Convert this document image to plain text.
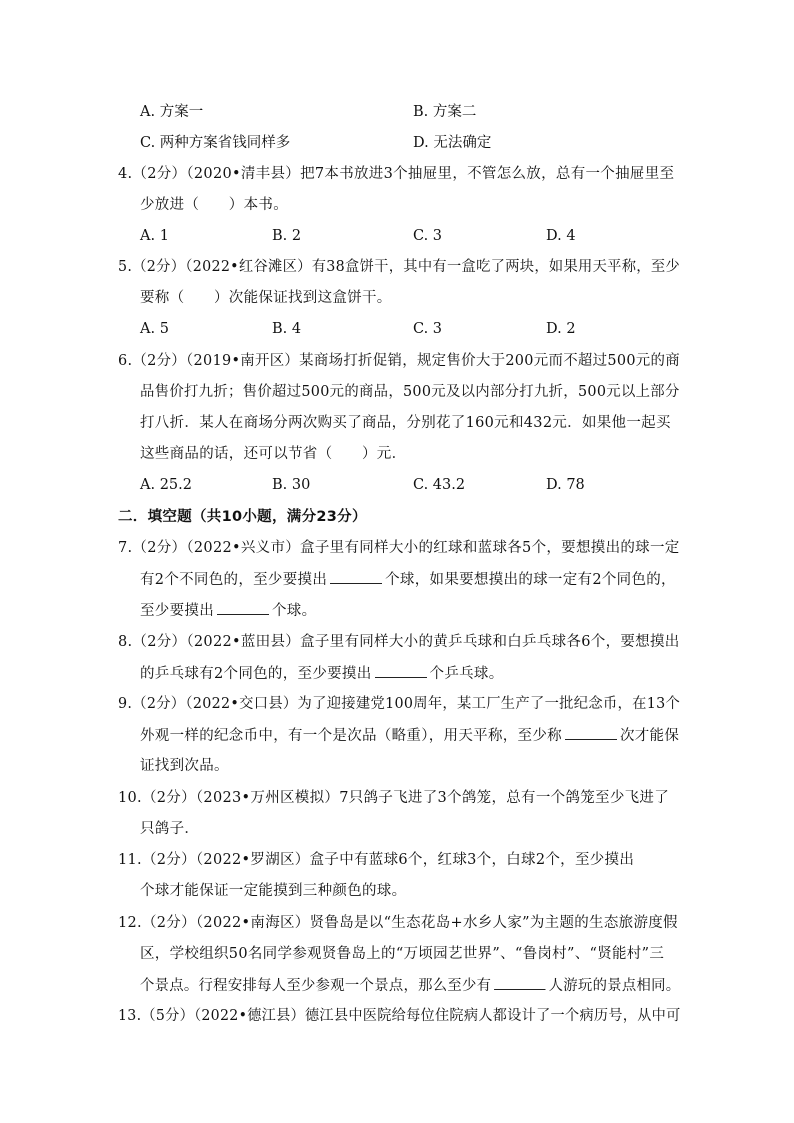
A. 方案一	B. 方案二
C. 两种方案省钱同样多	D. 无法确定
4.（2分）（2020•清丰县）把7本书放进3个抽屉里，不管怎么放，总有一个抽屉里至
少放进（　　）本书。
A. 1	B. 2	C. 3	D. 4
5.（2分）（2022•红谷滩区）有38盒饼干，其中有一盒吃了两块，如果用天平称，至少
要称（　　）次能保证找到这盒饼干。
A. 5	B. 4	C. 3	D. 2
6.（2分）（2019•南开区）某商场打折促销，规定售价大于200元而不超过500元的商
品售价打九折；售价超过500元的商品，500元及以内部分打九折，500元以上部分
打八折．某人在商场分两次购买了商品，分别花了160元和432元．如果他一起买
这些商品的话，还可以节省（　　）元．
A. 25.2	B. 30	C. 43.2	D. 78
二．填空题（共10小题，满分23分）
7.（2分）（2022•兴义市）盒子里有同样大小的红球和蓝球各5个，要想摸出的球一定
有2个不同色的，至少要摸出	个球，如果要想摸出的球一定有2个同色的，
至少要摸出	个球。
8.（2分）（2022•蓝田县）盒子里有同样大小的黄乒乓球和白乒乓球各6个，要想摸出
的乒乓球有2个同色的，至少要摸出	个乒乓球。
9.（2分）（2022•交口县）为了迎接建党100周年，某工厂生产了一批纪念币，在13个
外观一样的纪念币中，有一个是次品（略重），用天平称，至少称	次才能保
证找到次品。
10.（2分）（2023•万州区模拟）7只鸽子飞进了3个鸽笼，总有一个鸽笼至少飞进了
只鸽子．
11.（2分）（2022•罗湖区）盒子中有蓝球6个，红球3个，白球2个，至少摸出
个球才能保证一定能摸到三种颜色的球。
12.（2分）（2022•南海区）贤鲁岛是以“生态花岛+水乡人家”为主题的生态旅游度假
区，学校组织50名同学参观贤鲁岛上的“万顷园艺世界”、“鲁岗村”、“贤能村”三
个景点。行程安排每人至少参观一个景点，那么至少有	人游玩的景点相同。
13.（5分）（2022•德江县）德江县中医院给每位住院病人都设计了一个病历号，从中可
